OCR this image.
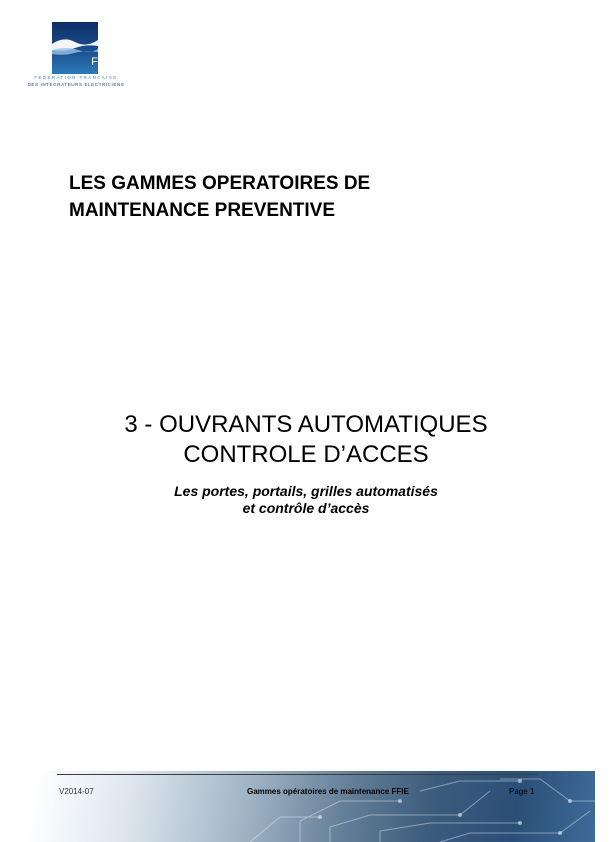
FFIE
FEDERATION FRANCAISE
DES INTEGRATEURS ELECTRICIENS
LES GAMMES OPERATOIRES DE
MAINTENANCE PREVENTIVE
3 - OUVRANTS AUTOMATIQUES
CONTROLE D’ACCES
Les portes, portails, grilles automatisés
et contrôle d’accès
V2014-07	Gammes opératoires de maintenance FFIE	Page 1
